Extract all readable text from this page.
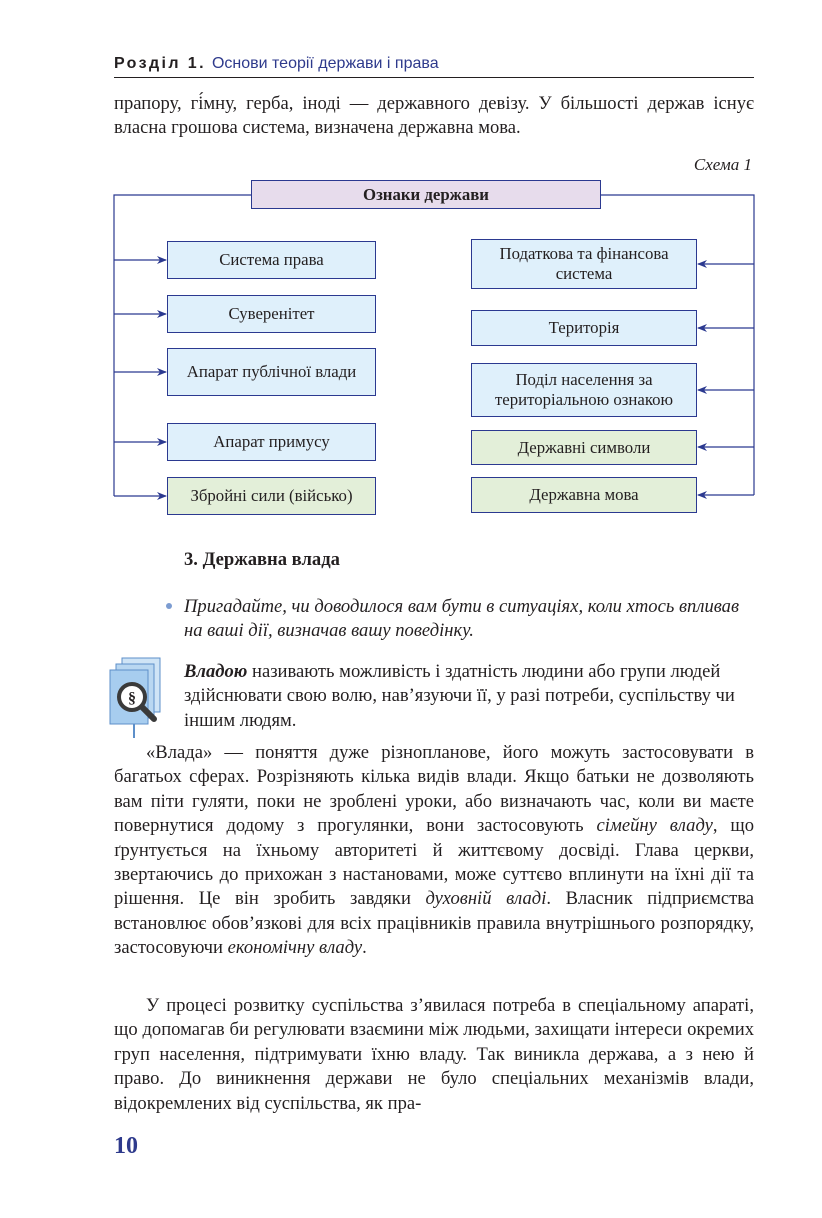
Розділ 1. Основи теорії держави і права
прапору, гі́мну, герба, іноді — державного девізу. У більшості держав існує власна грошова система, визначена державна мова.
Схема 1
Ознаки держави
Система права
Суверенітет
Апарат публічної влади
Апарат примусу
Збройні сили (військо)
Податкова та фінансова система
Територія
Поділ населення за територіальною ознакою
Державні символи
Державна мова
3. Державна влада
Пригадайте, чи доводилося вам бути в ситуаціях, коли хтось впливав на ваші дії, визначав вашу поведінку.
§
Владою називають можливість і здатність людини або групи людей здійснювати свою волю, нав’язуючи її, у разі потреби, суспільству чи іншим людям.
«Влада» — поняття дуже різнопланове, його можуть застосовувати в багатьох сферах. Розрізняють кілька видів влади. Якщо батьки не дозволяють вам піти гуляти, поки не зроблені уроки, або визначають час, коли ви маєте повернутися додому з прогулянки, вони застосовують сімейну владу, що ґрунтується на їхньому авторитеті й життєвому досвіді. Глава церкви, звертаючись до прихожан з настановами, може суттєво вплинути на їхні дії та рішення. Це він зробить завдяки духовній владі. Власник підприємства встановлює обов’язкові для всіх працівників правила внутрішнього розпорядку, застосовуючи економічну владу.
У процесі розвитку суспільства з’явилася потреба в спеціальному апараті, що допомагав би регулювати взаємини між людьми, захищати інтереси окремих груп населення, підтримувати їхню владу. Так виникла держава, а з нею й право. До виникнення держави не було спеціальних механізмів влади, відокремлених від суспільства, як пра-
10
